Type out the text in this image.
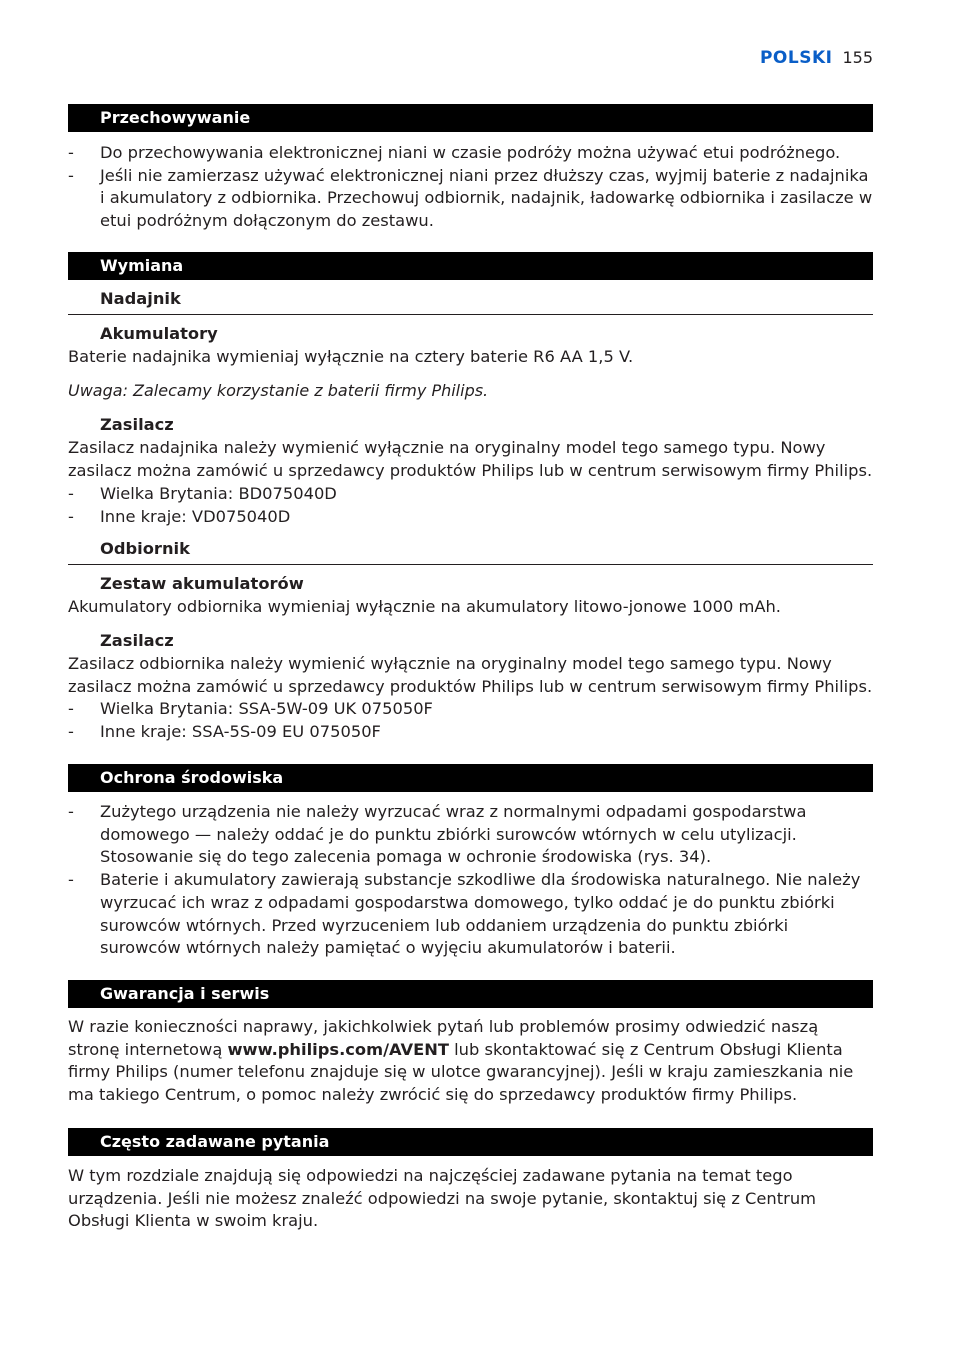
POLSKI 155
Przechowywanie
- Do przechowywania elektronicznej niani w czasie podróży można używać etui podróżnego.
- Jeśli nie zamierzasz używać elektronicznej niani przez dłuższy czas, wyjmij baterie z nadajnika i akumulatory z odbiornika. Przechowuj odbiornik, nadajnik, ładowarkę odbiornika i zasilacze w etui podróżnym dołączonym do zestawu.
Wymiana
Nadajnik
Akumulatory

Baterie nadajnika wymieniaj wyłącznie na cztery baterie R6 AA 1,5 V.

Uwaga: Zalecamy korzystanie z baterii firmy Philips.
Zasilacz

Zasilacz nadajnika należy wymienić wyłącznie na oryginalny model tego samego typu. Nowy zasilacz można zamówić u sprzedawcy produktów Philips lub w centrum serwisowym firmy Philips.

- Wielka Brytania: BD075040D
- Inne kraje: VD075040D
Odbiornik
Zestaw akumulatorów

Akumulatory odbiornika wymieniaj wyłącznie na akumulatory litowo-jonowe 1000 mAh.

Zasilacz

Zasilacz odbiornika należy wymienić wyłącznie na oryginalny model tego samego typu. Nowy zasilacz można zamówić u sprzedawcy produktów Philips lub w centrum serwisowym firmy Philips.

- Wielka Brytania: SSA-5W-09 UK 075050F
- Inne kraje: SSA-5S-09 EU 075050F
Ochrona środowiska
- Zużytego urządzenia nie należy wyrzucać wraz z normalnymi odpadami gospodarstwa domowego — należy oddać je do punktu zbiórki surowców wtórnych w celu utylizacji. Stosowanie się do tego zalecenia pomaga w ochronie środowiska (rys. 34).
- Baterie i akumulatory zawierają substancje szkodliwe dla środowiska naturalnego. Nie należy wyrzucać ich wraz z odpadami gospodarstwa domowego, tylko oddać je do punktu zbiórki surowców wtórnych. Przed wyrzuceniem lub oddaniem urządzenia do punktu zbiórki surowców wtórnych należy pamiętać o wyjęciu akumulatorów i baterii.
Gwarancja i serwis

W razie konieczności naprawy, jakichkolwiek pytań lub problemów prosimy odwiedzić naszą stronę internetową www.philips.com/AVENT lub skontaktować się z Centrum Obsługi Klienta firmy Philips (numer telefonu znajduje się w ulotce gwarancyjnej). Jeśli w kraju zamieszkania nie ma takiego Centrum, o pomoc należy zwrócić się do sprzedawcy produktów firmy Philips.

Często zadawane pytania

W tym rozdziale znajdują się odpowiedzi na najczęściej zadawane pytania na temat tego urządzenia. Jeśli nie możesz znaleźć odpowiedzi na swoje pytanie, skontaktuj się z Centrum Obsługi Klienta w swoim kraju.
